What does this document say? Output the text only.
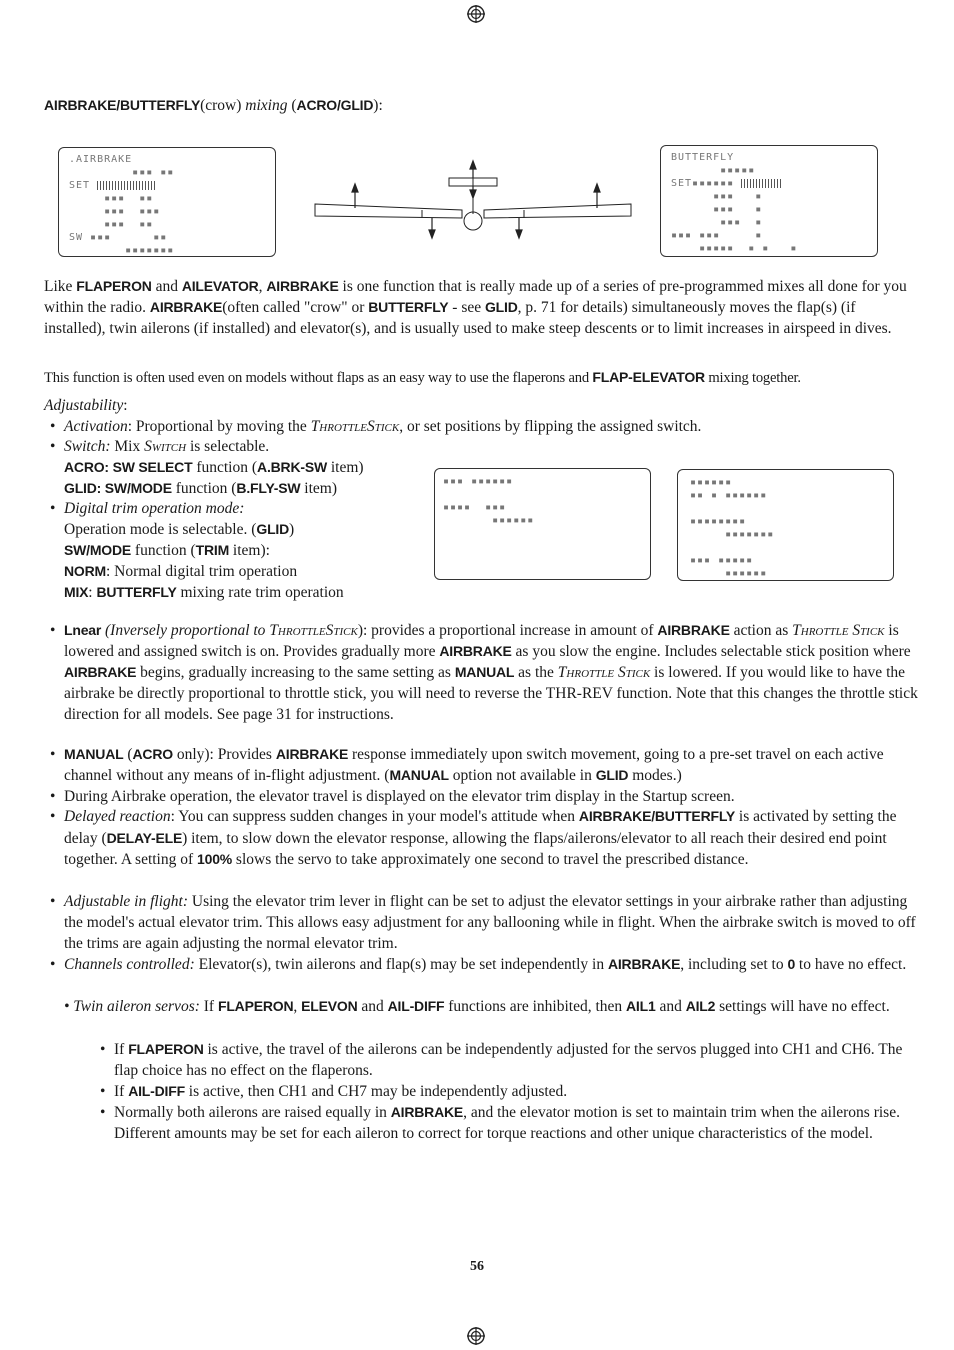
AIRBRAKE/BUTTERFLY(crow) mixing (ACRO/GLID):
.AIRBRAKE
▪▪▪ ▪▪
SET
▪▪▪  ▪▪
▪▪▪  ▪▪▪
▪▪▪  ▪▪
SW ▪▪▪      ▪▪
▪▪▪▪▪▪▪
BUTTERFLY
▪▪▪▪▪
SET▪▪▪▪▪▪
▪▪▪   ▪
▪▪▪   ▪
▪▪▪  ▪
▪▪▪ ▪▪▪     ▪
▪▪▪▪▪  ▪ ▪   ▪
Like FLAPERON and AILEVATOR, AIRBRAKE is one function that is really made up of a series of pre-programmed mixes all done for you within the radio. AIRBRAKE(often called "crow" or BUTTERFLY - see GLID, p. 71 for details) simultaneously moves the flap(s) (if installed), twin ailerons (if installed) and elevator(s), and is usually used to make steep descents or to limit increases in airspeed in dives.
This function is often used even on models without flaps as an easy way to use the flaperons and FLAP-ELEVATOR mixing together.
Adjustability:
• Activation: Proportional by moving the ThrottleStick, or set positions by flipping the assigned switch.
• Switch: Mix Switch is selectable.
ACRO: SW SELECT function (A.BRK-SW item)
GLID: SW/MODE function (B.FLY-SW item)
• Digital trim operation mode:
Operation mode is selectable. (GLID)
SW/MODE function (TRIM item):
NORM: Normal digital trim operation
MIX: BUTTERFLY mixing rate trim operation
▪▪▪ ▪▪▪▪▪▪

▪▪▪▪  ▪▪▪
▪▪▪▪▪▪
▪▪▪▪▪▪
▪▪ ▪ ▪▪▪▪▪▪

▪▪▪▪▪▪▪▪
▪▪▪▪▪▪▪

▪▪▪ ▪▪▪▪▪
▪▪▪▪▪▪
• Lnear (Inversely proportional to ThrottleStick): provides a proportional increase in amount of AIRBRAKE action as Throttle Stick is lowered and assigned switch is on. Provides gradually more AIRBRAKE as you slow the engine. Includes selectable stick position where AIRBRAKE begins, gradually increasing to the same setting as MANUAL as the Throttle Stick is lowered. If you would like to have the airbrake be directly proportional to throttle stick, you will need to reverse the THR-REV function. Note that this changes the throttle stick direction for all models. See page 31 for instructions.
• MANUAL (ACRO only): Provides AIRBRAKE response immediately upon switch movement, going to a pre-set travel on each active channel without any means of in-flight adjustment. (MANUAL option not available in GLID modes.)
• During Airbrake operation, the elevator travel is displayed on the elevator trim display in the Startup screen.
• Delayed reaction: You can suppress sudden changes in your model's attitude when AIRBRAKE/BUTTERFLY is activated by setting the delay (DELAY-ELE) item, to slow down the elevator response, allowing the flaps/ailerons/elevator to all reach their desired end point together. A setting of 100% slows the servo to take approximately one second to travel the prescribed distance.
• Adjustable in flight: Using the elevator trim lever in flight can be set to adjust the elevator settings in your airbrake rather than adjusting the model's actual elevator trim. This allows easy adjustment for any ballooning while in flight. When the airbrake switch is moved to off the trims are again adjusting the normal elevator trim.
• Channels controlled: Elevator(s), twin ailerons and flap(s) may be set independently in AIRBRAKE, including set to 0 to have no effect.
• Twin aileron servos: If FLAPERON, ELEVON and AIL-DIFF functions are inhibited, then AIL1 and AIL2 settings will have no effect.
• If FLAPERON is active, the travel of the ailerons can be independently adjusted for the servos plugged into CH1 and CH6. The flap choice has no effect on the flaperons.
• If AIL-DIFF is active, then CH1 and CH7 may be independently adjusted.
• Normally both ailerons are raised equally in AIRBRAKE, and the elevator motion is set to maintain trim when the ailerons rise. Different amounts may be set for each aileron to correct for torque reactions and other unique characteristics of the model.
56
